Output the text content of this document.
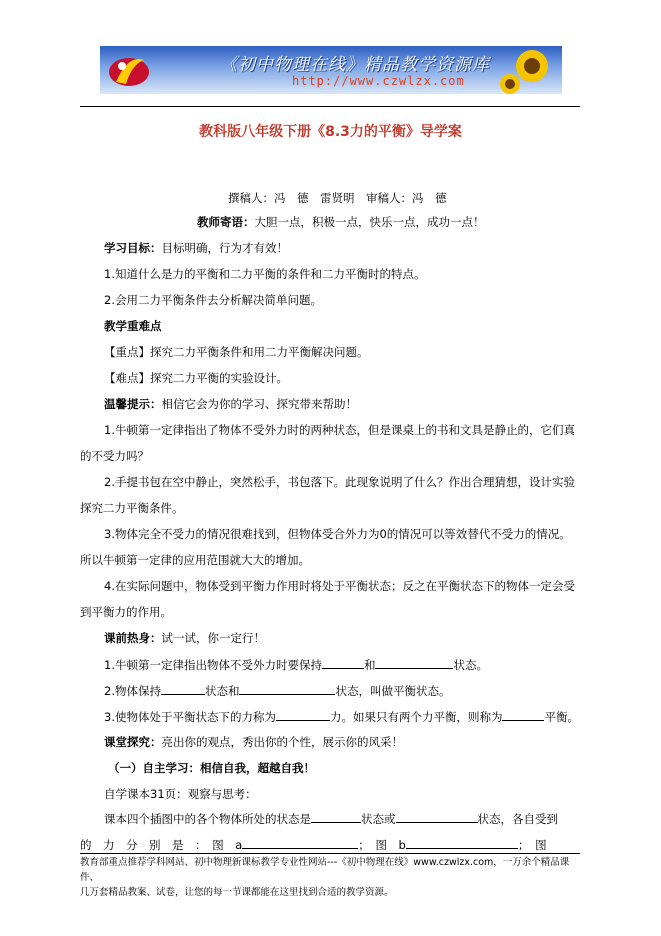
《初中物理在线》精品教学资源库
http://www.czwlzx.com
教科版八年级下册《8.3力的平衡》导学案
撰稿人：冯　德　雷贤明　审稿人：冯　德
教师寄语：大胆一点，积极一点，快乐一点，成功一点！
学习目标：目标明确，行为才有效！
1.知道什么是力的平衡和二力平衡的条件和二力平衡时的特点。
2.会用二力平衡条件去分析解决简单问题。
教学重难点
【重点】探究二力平衡条件和用二力平衡解决问题。
【难点】探究二力平衡的实验设计。
温馨提示：相信它会为你的学习、探究带来帮助！
1.牛顿第一定律指出了物体不受外力时的两种状态，但是课桌上的书和文具是静止的，它们真
的不受力吗？
2.手提书包在空中静止，突然松手，书包落下。此现象说明了什么？作出合理猜想，设计实验
探究二力平衡条件。
3.物体完全不受力的情况很难找到，但物体受合外力为0的情况可以等效替代不受力的情况。
所以牛顿第一定律的应用范围就大大的增加。
4.在实际问题中，物体受到平衡力作用时将处于平衡状态；反之在平衡状态下的物体一定会受
到平衡力的作用。
课前热身：试一试，你一定行！
1.牛顿第一定律指出物体不受外力时要保持	和	状态。
2.物体保持	状态和	状态，叫做平衡状态。
3.使物体处于平衡状态下的力称为	力。如果只有两个力平衡，则称为	平衡。
课堂探究：亮出你的观点，秀出你的个性，展示你的风采！
（一）自主学习：相信自我，超越自我！
自学课本31页：观察与思考：
课本四个插图中的各个物体所处的状态是	状态或	状态，各自受到
的　力　分　别　是　：　图　a	；　图　b	；　图
教育部重点推荐学科网站、初中物理新课标教学专业性网站---《初中物理在线》www.czwlzx.com，一万余个精品课件、
几万套精品教案、试卷，让您的每一节课都能在这里找到合适的教学资源。
